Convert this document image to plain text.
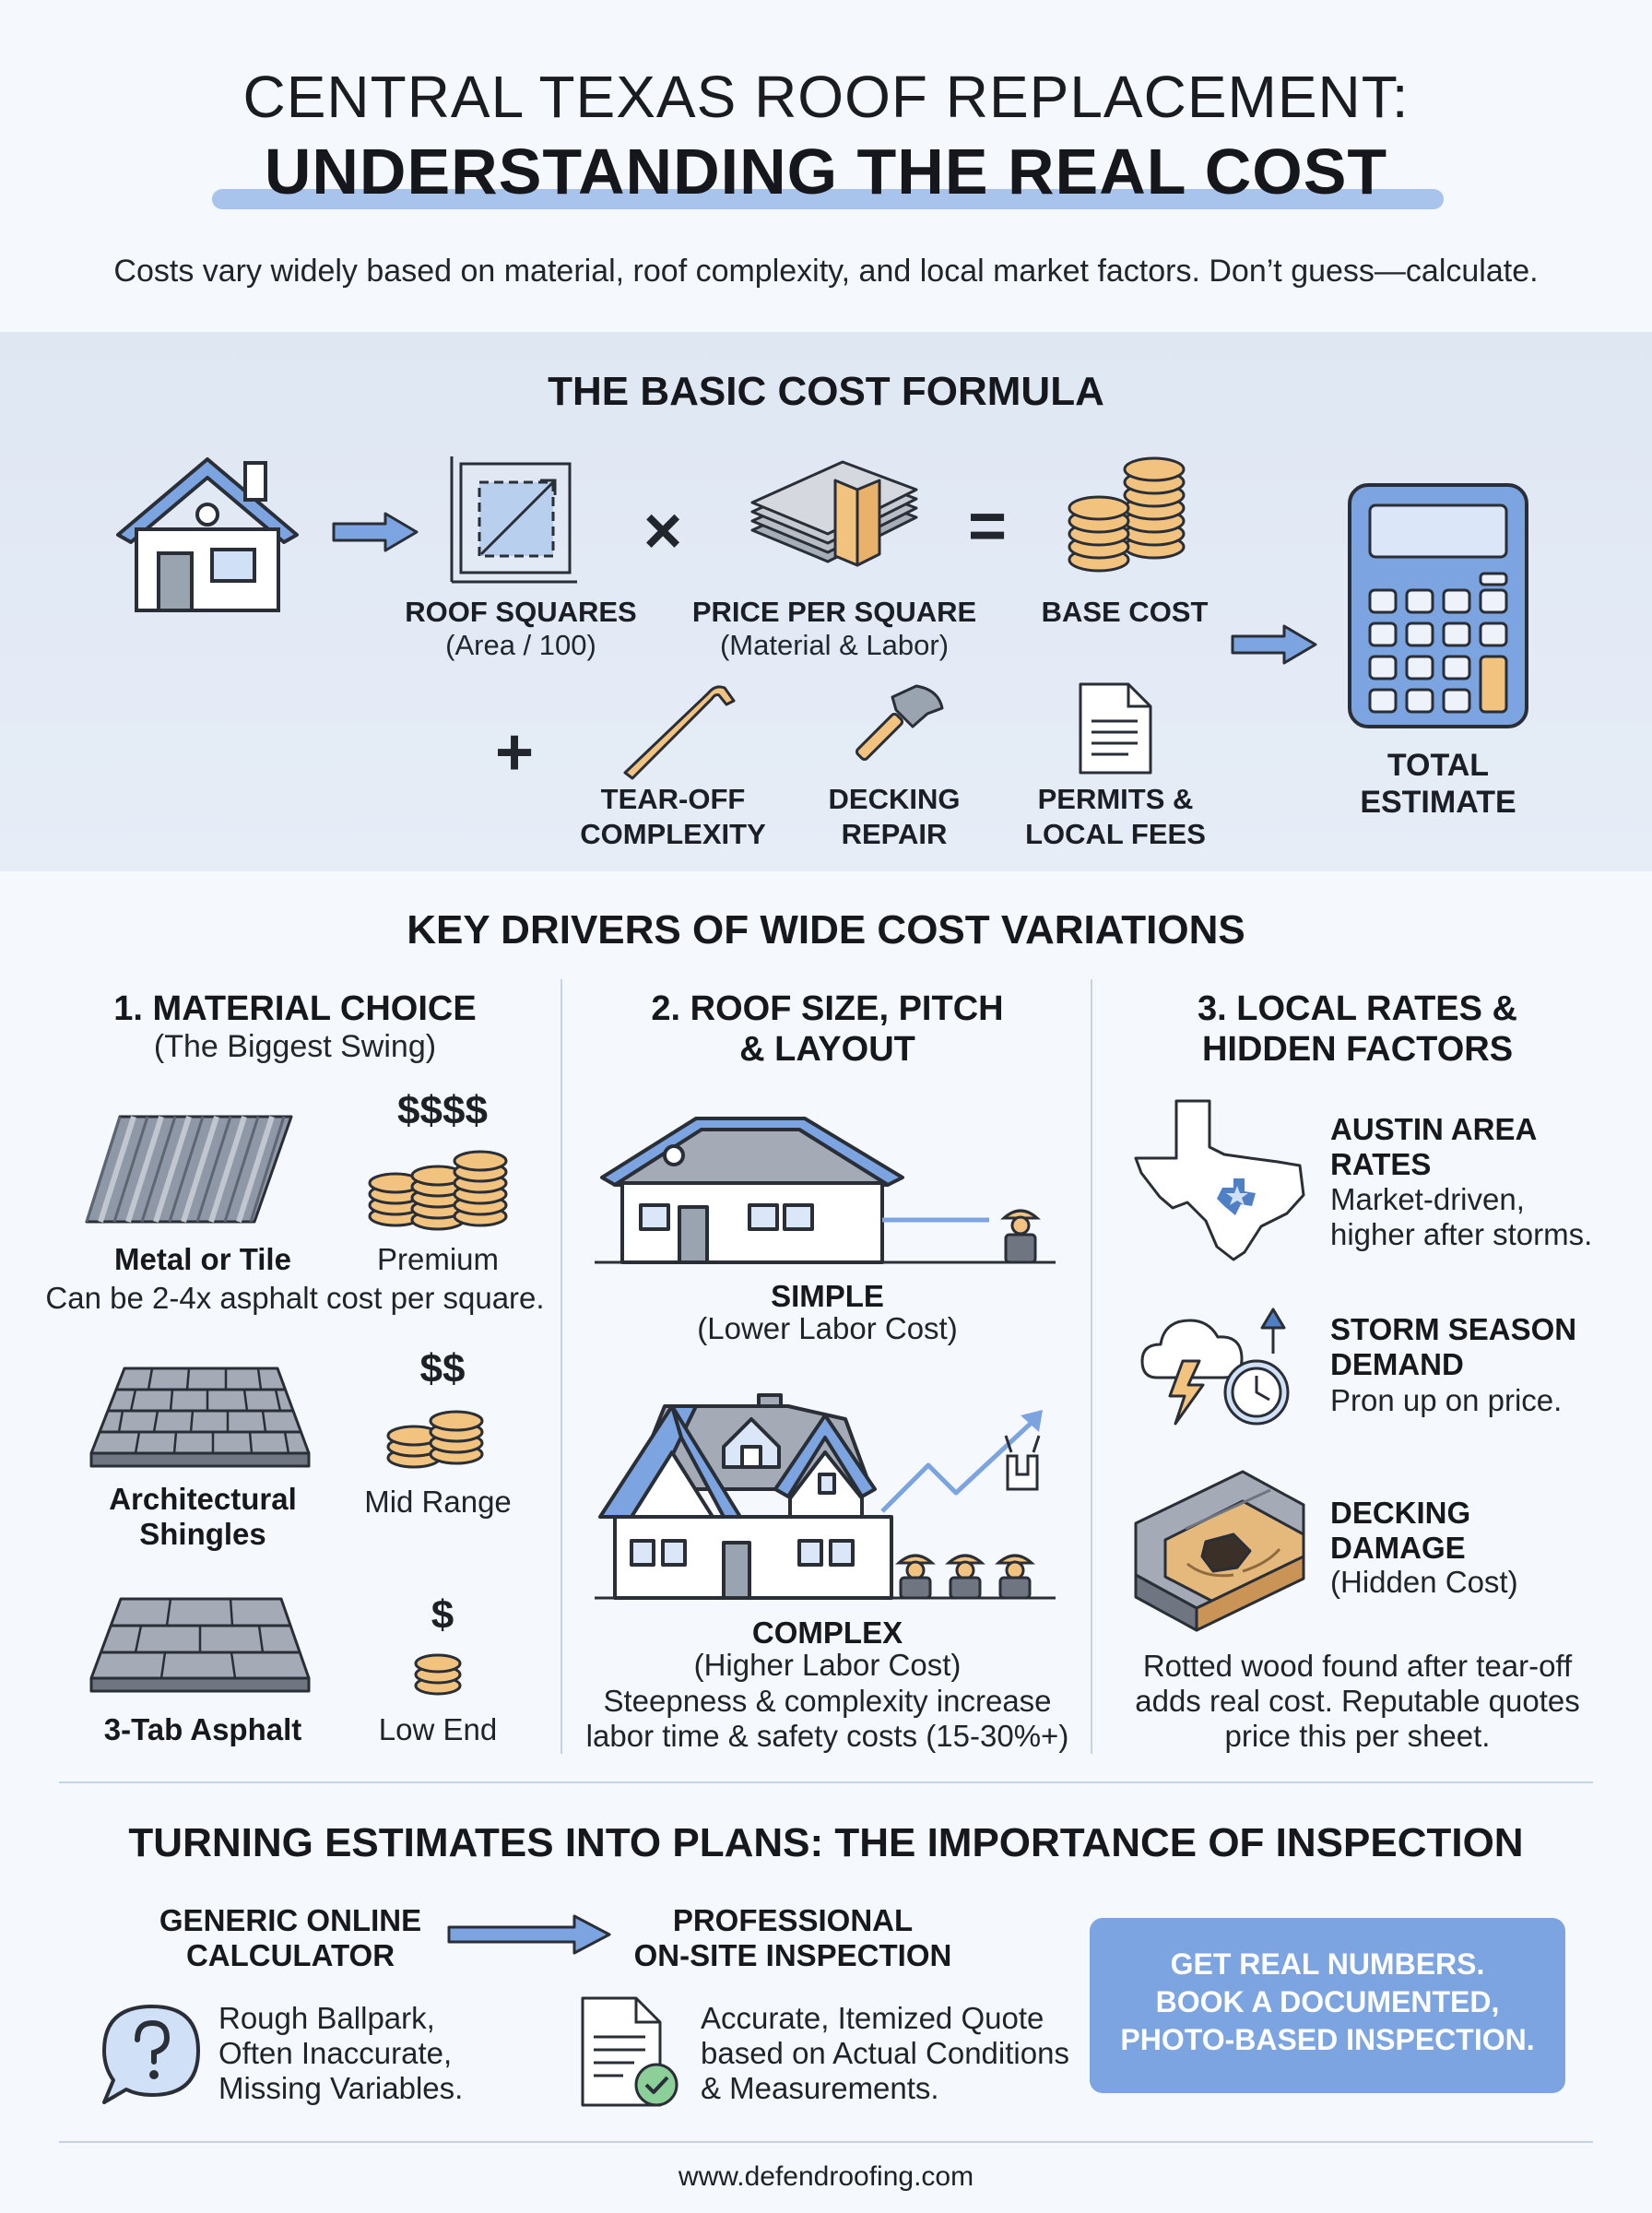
CENTRAL TEXAS ROOF REPLACEMENT:
UNDERSTANDING THE REAL COST
Costs vary widely based on material, roof complexity, and local market factors. Don’t guess—calculate.
THE BASIC COST FORMULA
×	=
ROOF SQUARES
(Area / 100)
PRICE PER SQUARE
(Material & Labor)
BASE COST
+
TEAR-OFF
COMPLEXITY
DECKING
REPAIR
PERMITS &
LOCAL FEES
TOTAL
ESTIMATE
KEY DRIVERS OF WIDE COST VARIATIONS
1. MATERIAL CHOICE
(The Biggest Swing)
$$$$
Metal or Tile	Premium
Can be 2-4x asphalt cost per square.
$$
Architectural
Shingles
Mid Range
$
3-Tab Asphalt	Low End
2. ROOF SIZE, PITCH
& LAYOUT
SIMPLE
(Lower Labor Cost)
COMPLEX
(Higher Labor Cost)
Steepness & complexity increase
labor time & safety costs (15-30%+)
3. LOCAL RATES &
HIDDEN FACTORS
AUSTIN AREA
RATES
Market-driven,
higher after storms.
STORM SEASON
DEMAND
Pron up on price.
DECKING
DAMAGE
(Hidden Cost)
Rotted wood found after tear-off
adds real cost. Reputable quotes
price this per sheet.
TURNING ESTIMATES INTO PLANS: THE IMPORTANCE OF INSPECTION
GENERIC ONLINE
CALCULATOR
PROFESSIONAL
ON-SITE INSPECTION
Rough Ballpark,
Often Inaccurate,
Missing Variables.
Accurate, Itemized Quote
based on Actual Conditions
& Measurements.
GET REAL NUMBERS.
BOOK A DOCUMENTED,
PHOTO-BASED INSPECTION.
www.defendroofing.com
